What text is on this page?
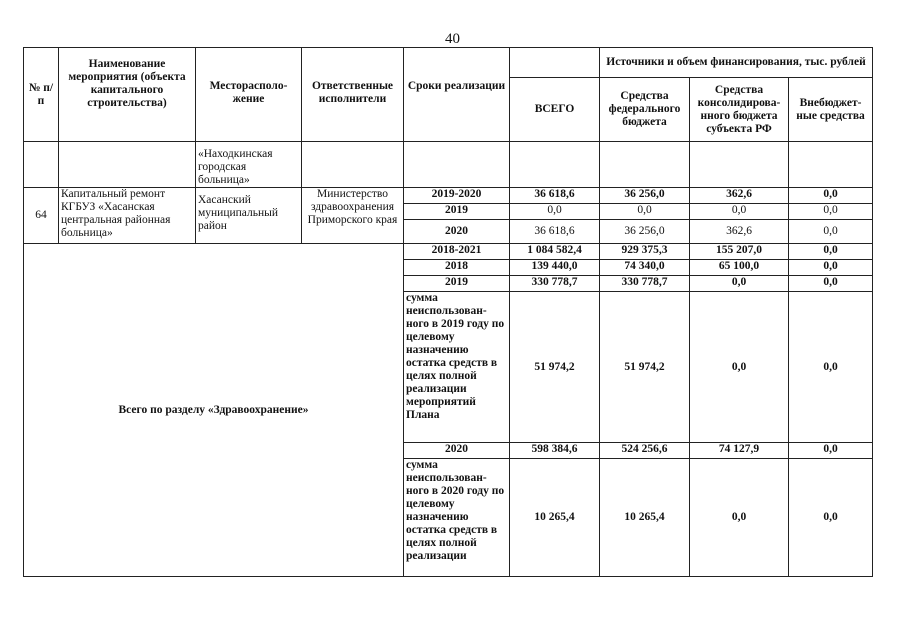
40
№ п/п	Наименование мероприятия (объекта капитального строительства)	Месторасполо-жение	Ответственные исполнители	Сроки реализации		Источники и объем финансирования, тыс. рублей		
					ВСЕГО	Средства федерального бюджета	Средства консолидирова-нного бюджета субъекта РФ	Внебюджет-ные средства
		«Находкинская городская больница»						
64	Капитальный ремонт КГБУЗ «Хасанская центральная районная больница»	Хасанский муниципальный район	Министерство здравоохранения Приморского края	2019-2020	36 618,6	36 256,0	362,6	0,0
				2019	0,0	0,0	0,0	0,0
				2020	36 618,6	36 256,0	362,6	0,0
Всего по разделу «Здравоохранение»				2018-2021	1 084 582,4	929 375,3	155 207,0	0,0
				2018	139 440,0	74 340,0	65 100,0	0,0
				2019	330 778,7	330 778,7	0,0	0,0
				сумма неиспользован-ного в 2019 году по целевому назначению остатка средств в целях полной реализации мероприятий Плана	51 974,2	51 974,2	0,0	0,0
				2020	598 384,6	524 256,6	74 127,9	0,0
				сумма неиспользован-ного в 2020 году по целевому назначению остатка средств в целях полной реализации	10 265,4	10 265,4	0,0	0,0
